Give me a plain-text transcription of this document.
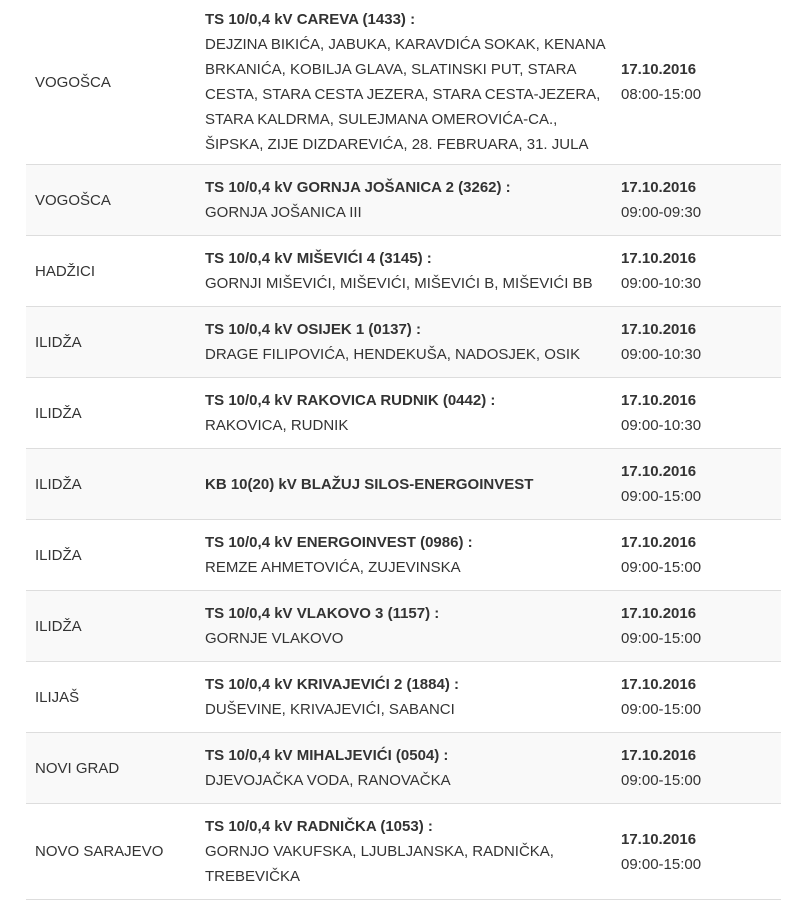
VOGOŠCA
TS 10/0,4 kV CAREVA (1433) :
DEJZINA BIKIĆA, JABUKA, KARAVDIĆA SOKAK, KENANA BRKANIĆA, KOBILJA GLAVA, SLATINSKI PUT, STARA CESTA, STARA CESTA JEZERA, STARA CESTA-JEZERA, STARA KALDRMA, SULEJMANA OMEROVIĆA-CA., ŠIPSKA, ZIJE DIZDAREVIĆA, 28. FEBRUARA, 31. JULA
17.10.2016
08:00-15:00
VOGOŠCA
TS 10/0,4 kV GORNJA JOŠANICA 2 (3262) :
GORNJA JOŠANICA III
17.10.2016
09:00-09:30
HADŽICI
TS 10/0,4 kV MIŠEVIĆI 4 (3145) :
GORNJI MIŠEVIĆI, MIŠEVIĆI, MIŠEVIĆI B, MIŠEVIĆI BB
17.10.2016
09:00-10:30
ILIDŽA
TS 10/0,4 kV OSIJEK 1 (0137) :
DRAGE FILIPOVIĆA, HENDEKUŠA, NADOSJEK, OSIK
17.10.2016
09:00-10:30
ILIDŽA
TS 10/0,4 kV RAKOVICA RUDNIK (0442) :
RAKOVICA, RUDNIK
17.10.2016
09:00-10:30
ILIDŽA	KB 10(20) kV BLAŽUJ SILOS-ENERGOINVEST
17.10.2016
09:00-15:00
ILIDŽA
TS 10/0,4 kV ENERGOINVEST (0986) :
REMZE AHMETOVIĆA, ZUJEVINSKA
17.10.2016
09:00-15:00
ILIDŽA
TS 10/0,4 kV VLAKOVO 3 (1157) :
GORNJE VLAKOVO
17.10.2016
09:00-15:00
ILIJAŠ
TS 10/0,4 kV KRIVAJEVIĆI 2 (1884) :
DUŠEVINE, KRIVAJEVIĆI, SABANCI
17.10.2016
09:00-15:00
NOVI GRAD
TS 10/0,4 kV MIHALJEVIĆI (0504) :
DJEVOJAČKA VODA, RANOVAČKA
17.10.2016
09:00-15:00
NOVO SARAJEVO
TS 10/0,4 kV RADNIČKA (1053) :
GORNJO VAKUFSKA, LJUBLJANSKA, RADNIČKA, TREBEVIČKA
17.10.2016
09:00-15:00
